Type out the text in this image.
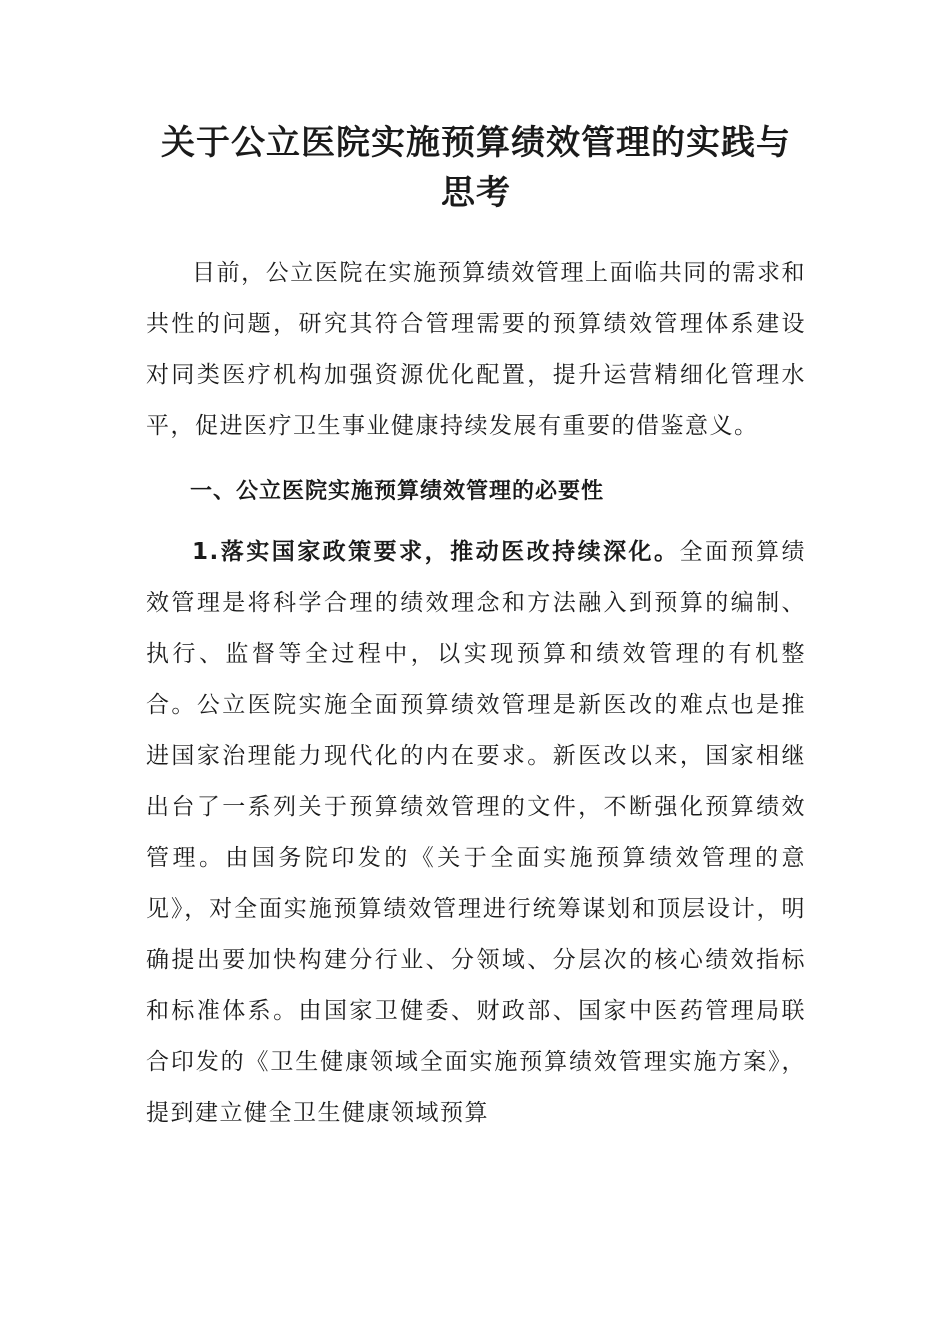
关于公立医院实施预算绩效管理的实践与思考

目前，公立医院在实施预算绩效管理上面临共同的需求和共性的问题，研究其符合管理需要的预算绩效管理体系建设对同类医疗机构加强资源优化配置，提升运营精细化管理水平，促进医疗卫生事业健康持续发展有重要的借鉴意义。

一、公立医院实施预算绩效管理的必要性

1.落实国家政策要求，推动医改持续深化。全面预算绩效管理是将科学合理的绩效理念和方法融入到预算的编制、执行、监督等全过程中，以实现预算和绩效管理的有机整合。公立医院实施全面预算绩效管理是新医改的难点也是推进国家治理能力现代化的内在要求。新医改以来，国家相继出台了一系列关于预算绩效管理的文件，不断强化预算绩效管理。由国务院印发的《关于全面实施预算绩效管理的意见》，对全面实施预算绩效管理进行统筹谋划和顶层设计，明确提出要加快构建分行业、分领域、分层次的核心绩效指标和标准体系。由国家卫健委、财政部、国家中医药管理局联合印发的《卫生健康领域全面实施预算绩效管理实施方案》，提到建立健全卫生健康领域预算
